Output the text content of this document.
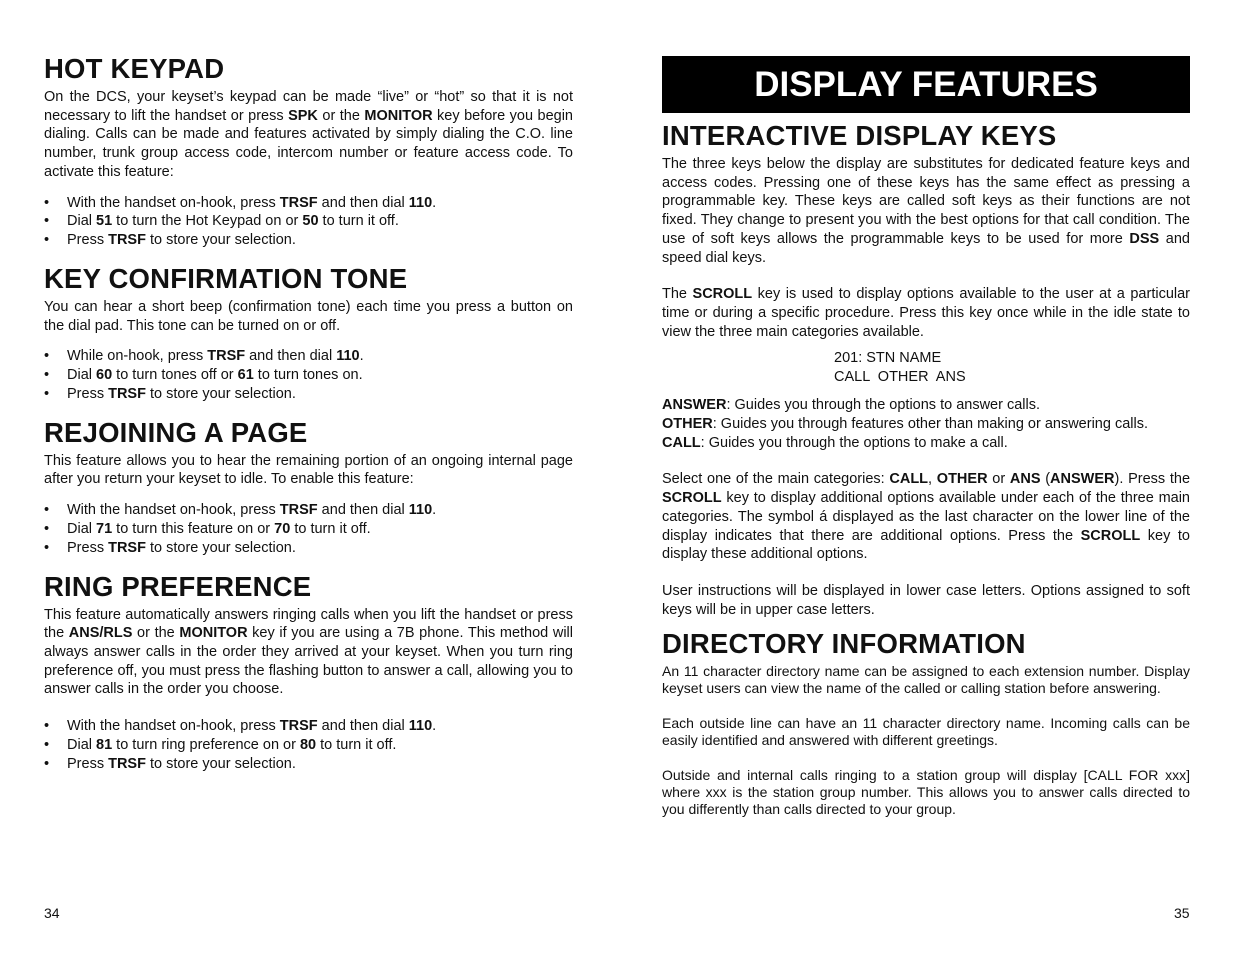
HOT KEYPAD

On the DCS, your keyset’s keypad can be made “live” or “hot” so that it is not necessary to lift the handset or press SPK or the MONITOR key before you begin dialing. Calls can be made and features activated by simply dialing the C.O. line number, trunk group access code, intercom number or feature access code. To activate this feature:

• With the handset on-hook, press TRSF and then dial 110.
• Dial 51 to turn the Hot Keypad on or 50 to turn it off.
• Press TRSF to store your selection.
KEY CONFIRMATION TONE

You can hear a short beep (confirmation tone) each time you press a button on the dial pad. This tone can be turned on or off.

• While on-hook, press TRSF and then dial 110.
• Dial 60 to turn tones off or 61 to turn tones on.
• Press TRSF to store your selection.
REJOINING A PAGE

This feature allows you to hear the remaining portion of an ongoing internal page after you return your keyset to idle. To enable this feature:

• With the handset on-hook, press TRSF and then dial 110.
• Dial 71 to turn this feature on or 70 to turn it off.
• Press TRSF to store your selection.
RING PREFERENCE

This feature automatically answers ringing calls when you lift the handset or press the ANS/RLS or the MONITOR key if you are using a 7B phone. This method will always answer calls in the order they arrived at your keyset. When you turn ring preference off, you must press the flashing button to answer a call, allowing you to answer calls in the order you choose.

• With the handset on-hook, press TRSF and then dial 110.
• Dial 81 to turn ring preference on or 80 to turn it off.
• Press TRSF to store your selection.
34
DISPLAY FEATURES
INTERACTIVE DISPLAY KEYS

The three keys below the display are substitutes for dedicated feature keys and access codes. Pressing one of these keys has the same effect as pressing a programmable key. These keys are called soft keys as their functions are not fixed. They change to present you with the best options for that call condition. The use of soft keys allows the programmable keys to be used for more DSS and speed dial keys.

The SCROLL key is used to display options available to the user at a particular time or during a specific procedure. Press this key once while in the idle state to view the three main categories available.

201: STN NAME
CALL  OTHER  ANS

ANSWER: Guides you through the options to answer calls.

OTHER: Guides you through features other than making or answering calls.

CALL: Guides you through the options to make a call.

Select one of the main categories: CALL, OTHER or ANS (ANSWER). Press the SCROLL key to display additional options available under each of the three main categories. The symbol á displayed as the last character on the lower line of the display indicates that there are additional options. Press the SCROLL key to display these additional options.

User instructions will be displayed in lower case letters. Options assigned to soft keys will be in upper case letters.

DIRECTORY INFORMATION

An 11 character directory name can be assigned to each extension number. Display keyset users can view the name of the called or calling station before answering.

Each outside line can have an 11 character directory name. Incoming calls can be easily identified and answered with different greetings.

Outside and internal calls ringing to a station group will display [CALL FOR xxx] where xxx is the station group number. This allows you to answer calls directed to you differently than calls directed to your group.

35
